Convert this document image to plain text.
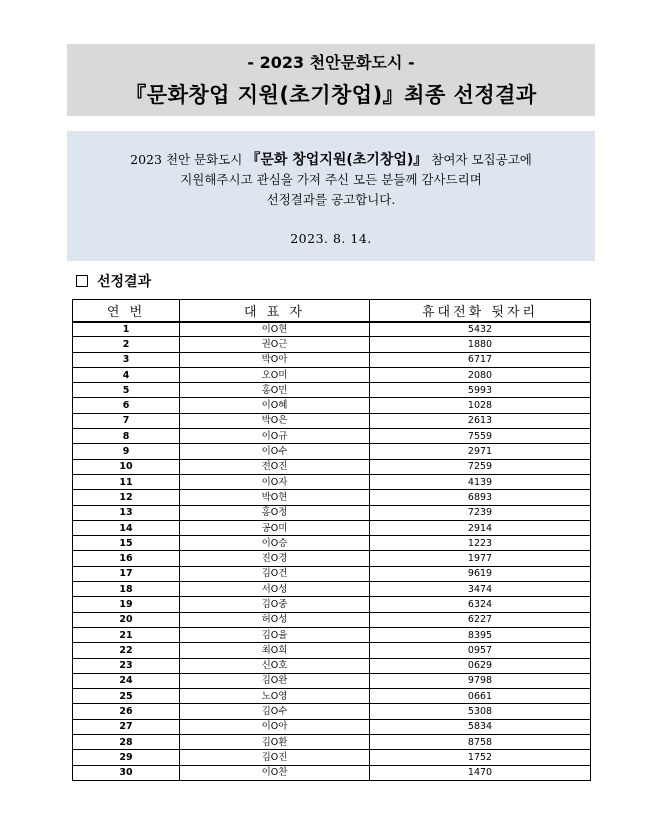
- 2023 천안문화도시 -
『문화창업 지원(초기창업)』최종 선정결과
2023 천안 문화도시 『문화 창업지원(초기창업)』 참여자 모집공고에
지원해주시고 관심을 가져 주신 모든 분들께 감사드리며
선정결과를 공고합니다.
2023. 8. 14.
선정결과
연 번	대 표 자	휴대전화 뒷자리
1	이O현	5432
2	권O근	1880
3	박O아	6717
4	오O미	2080
5	홍O민	5993
6	이O혜	1028
7	박O은	2613
8	이O규	7559
9	이O수	2971
10	전O진	7259
11	이O자	4139
12	박O현	6893
13	홍O정	7239
14	공O미	2914
15	이O승	1223
16	진O경	1977
17	김O건	9619
18	서O성	3474
19	김O중	6324
20	허O성	6227
21	김O율	8395
22	최O희	0957
23	신O호	0629
24	김O완	9798
25	노O영	0661
26	김O수	5308
27	이O아	5834
28	김O환	8758
29	김O진	1752
30	이O찬	1470
